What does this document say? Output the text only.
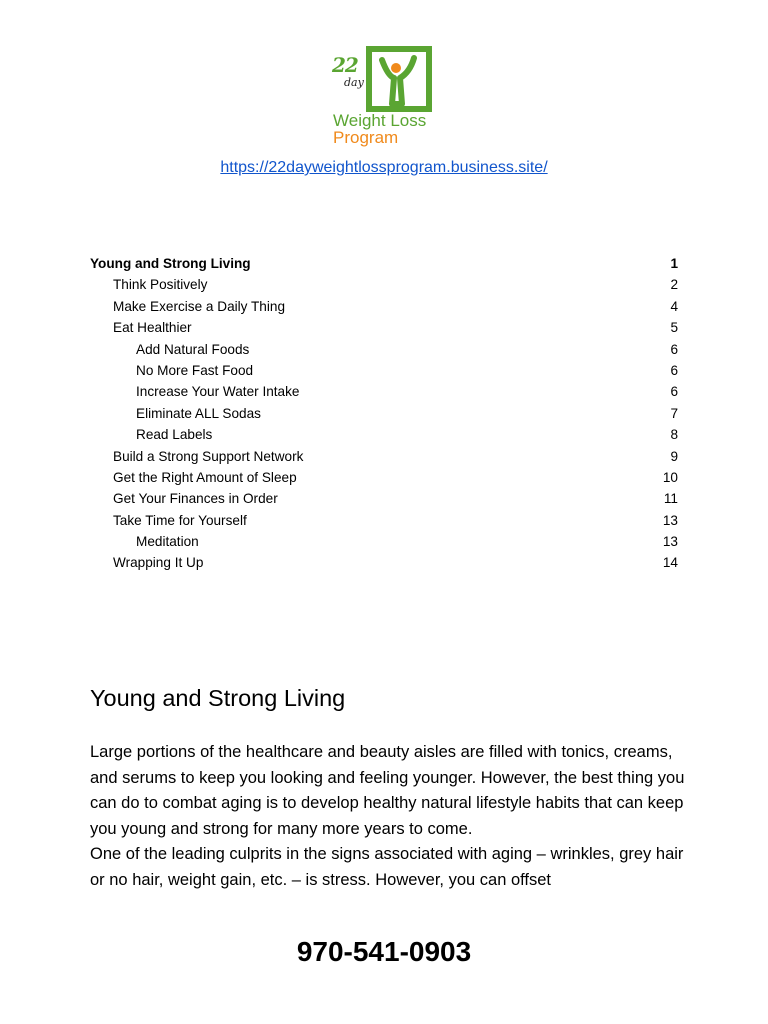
22
day
Weight Loss
Program
https://22dayweightlossprogram.business.site/
Young and Strong Living	1
Think Positively	2
Make Exercise a Daily Thing	4
Eat Healthier	5
Add Natural Foods	6
No More Fast Food	6
Increase Your Water Intake	6
Eliminate ALL Sodas	7
Read Labels	8
Build a Strong Support Network	9
Get the Right Amount of Sleep	10
Get Your Finances in Order	11
Take Time for Yourself	13
Meditation	13
Wrapping It Up	14
Young and Strong Living

Large portions of the healthcare and beauty aisles are filled with tonics, creams, and serums to keep you looking and feeling younger. However, the best thing you can do to combat aging is to develop healthy natural lifestyle habits that can keep you young and strong for many more years to come.

One of the leading culprits in the signs associated with aging – wrinkles, grey hair or no hair, weight gain, etc. – is stress. However, you can offset

970-541-0903
